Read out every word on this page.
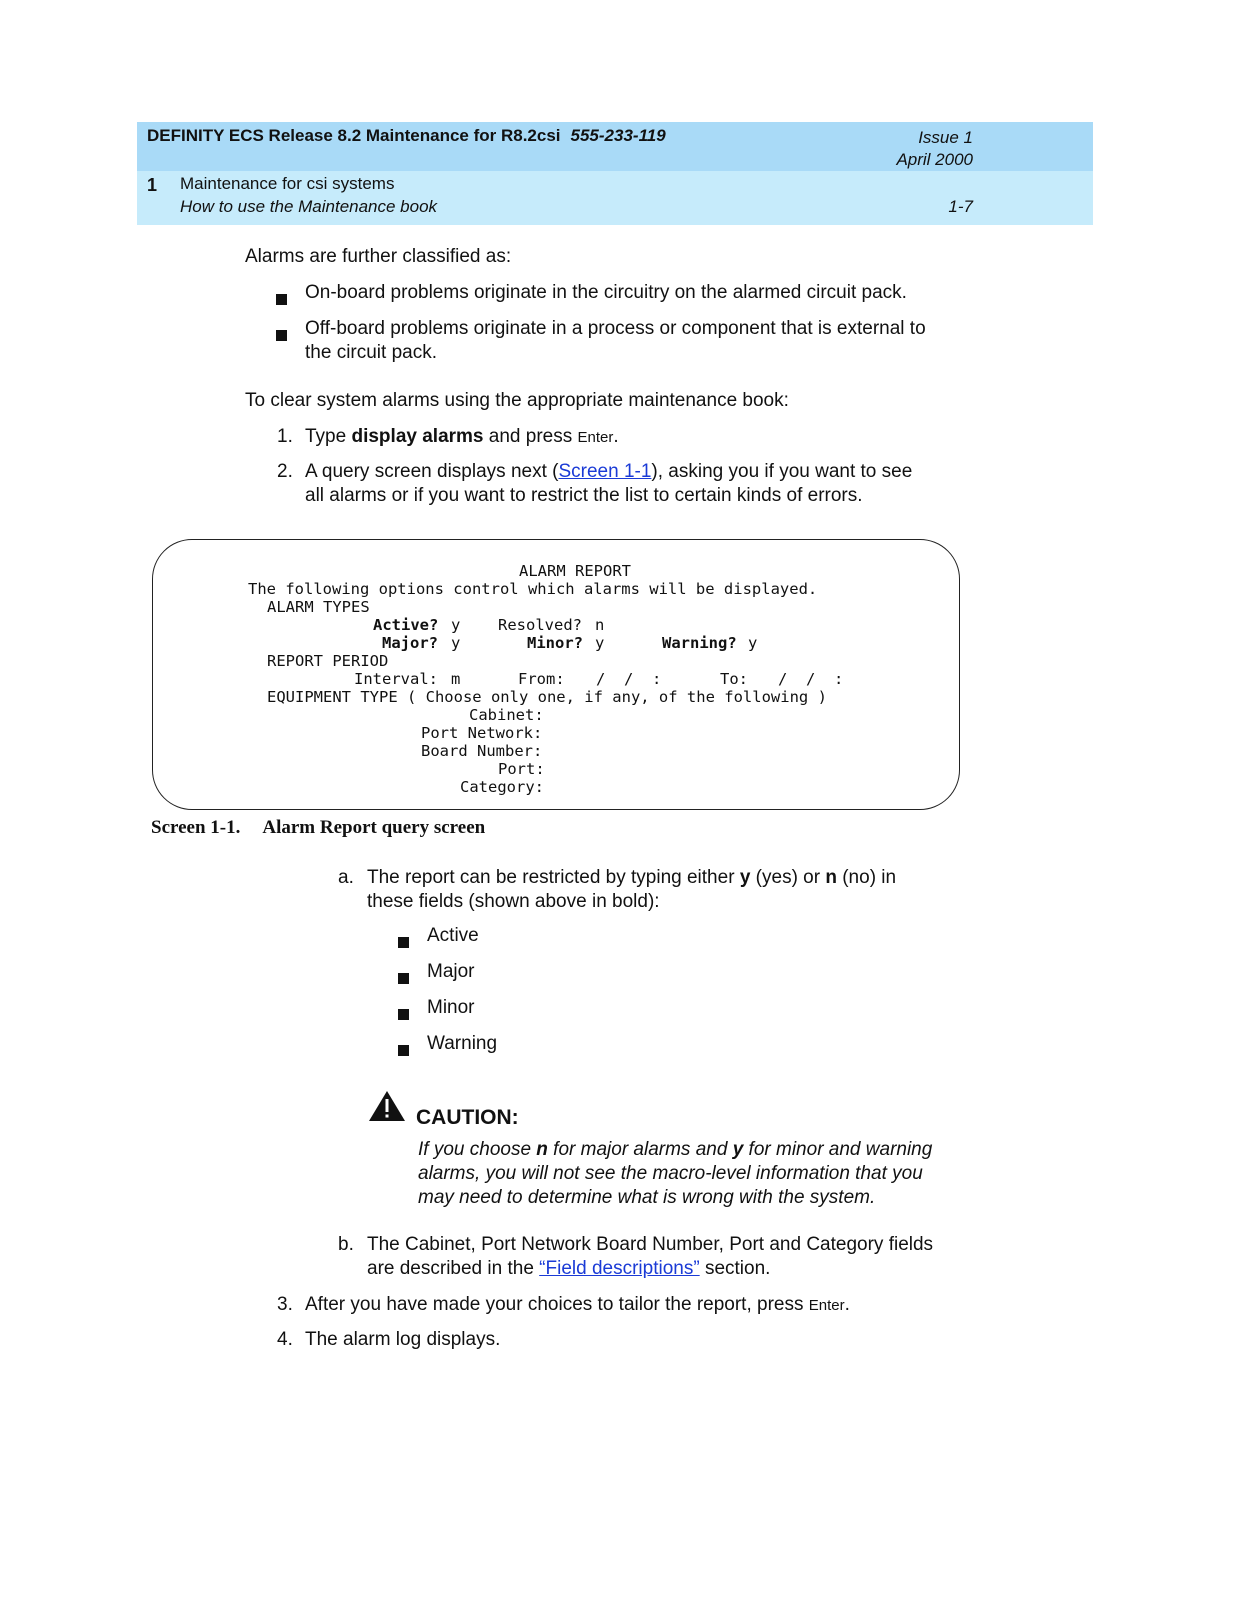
DEFINITY ECS Release 8.2 Maintenance for R8.2csi 555-233-119	Issue 1
April 2000
1 Maintenance for csi systems
How to use the Maintenance book	1-7
Alarms are further classified as:
On-board problems originate in the circuitry on the alarmed circuit pack.
Off-board problems originate in a process or component that is external to
the circuit pack.
To clear system alarms using the appropriate maintenance book:
1. Type display alarms and press Enter.
2. A query screen displays next (Screen 1-1), asking you if you want to see
all alarms or if you want to restrict the list to certain kinds of errors.
ALARM REPORT
The following options control which alarms will be displayed.
ALARM TYPES
Active? y Resolved? n
Major? y	Minor? y	Warning? y
REPORT PERIOD
Interval: m	From: /  /  :	To: /  /  :
EQUIPMENT TYPE ( Choose only one, if any, of the following )
Cabinet:
Port Network:
Board Number:
Port:
Category:
Screen 1-1. Alarm Report query screen
a. The report can be restricted by typing either y (yes) or n (no) in
these fields (shown above in bold):
Active
Major
Minor
Warning
CAUTION:
If you choose n for major alarms and y for minor and warning
alarms, you will not see the macro-level information that you
may need to determine what is wrong with the system.
b. The Cabinet, Port Network Board Number, Port and Category fields
are described in the “Field descriptions” section.
3. After you have made your choices to tailor the report, press Enter.
4. The alarm log displays.
